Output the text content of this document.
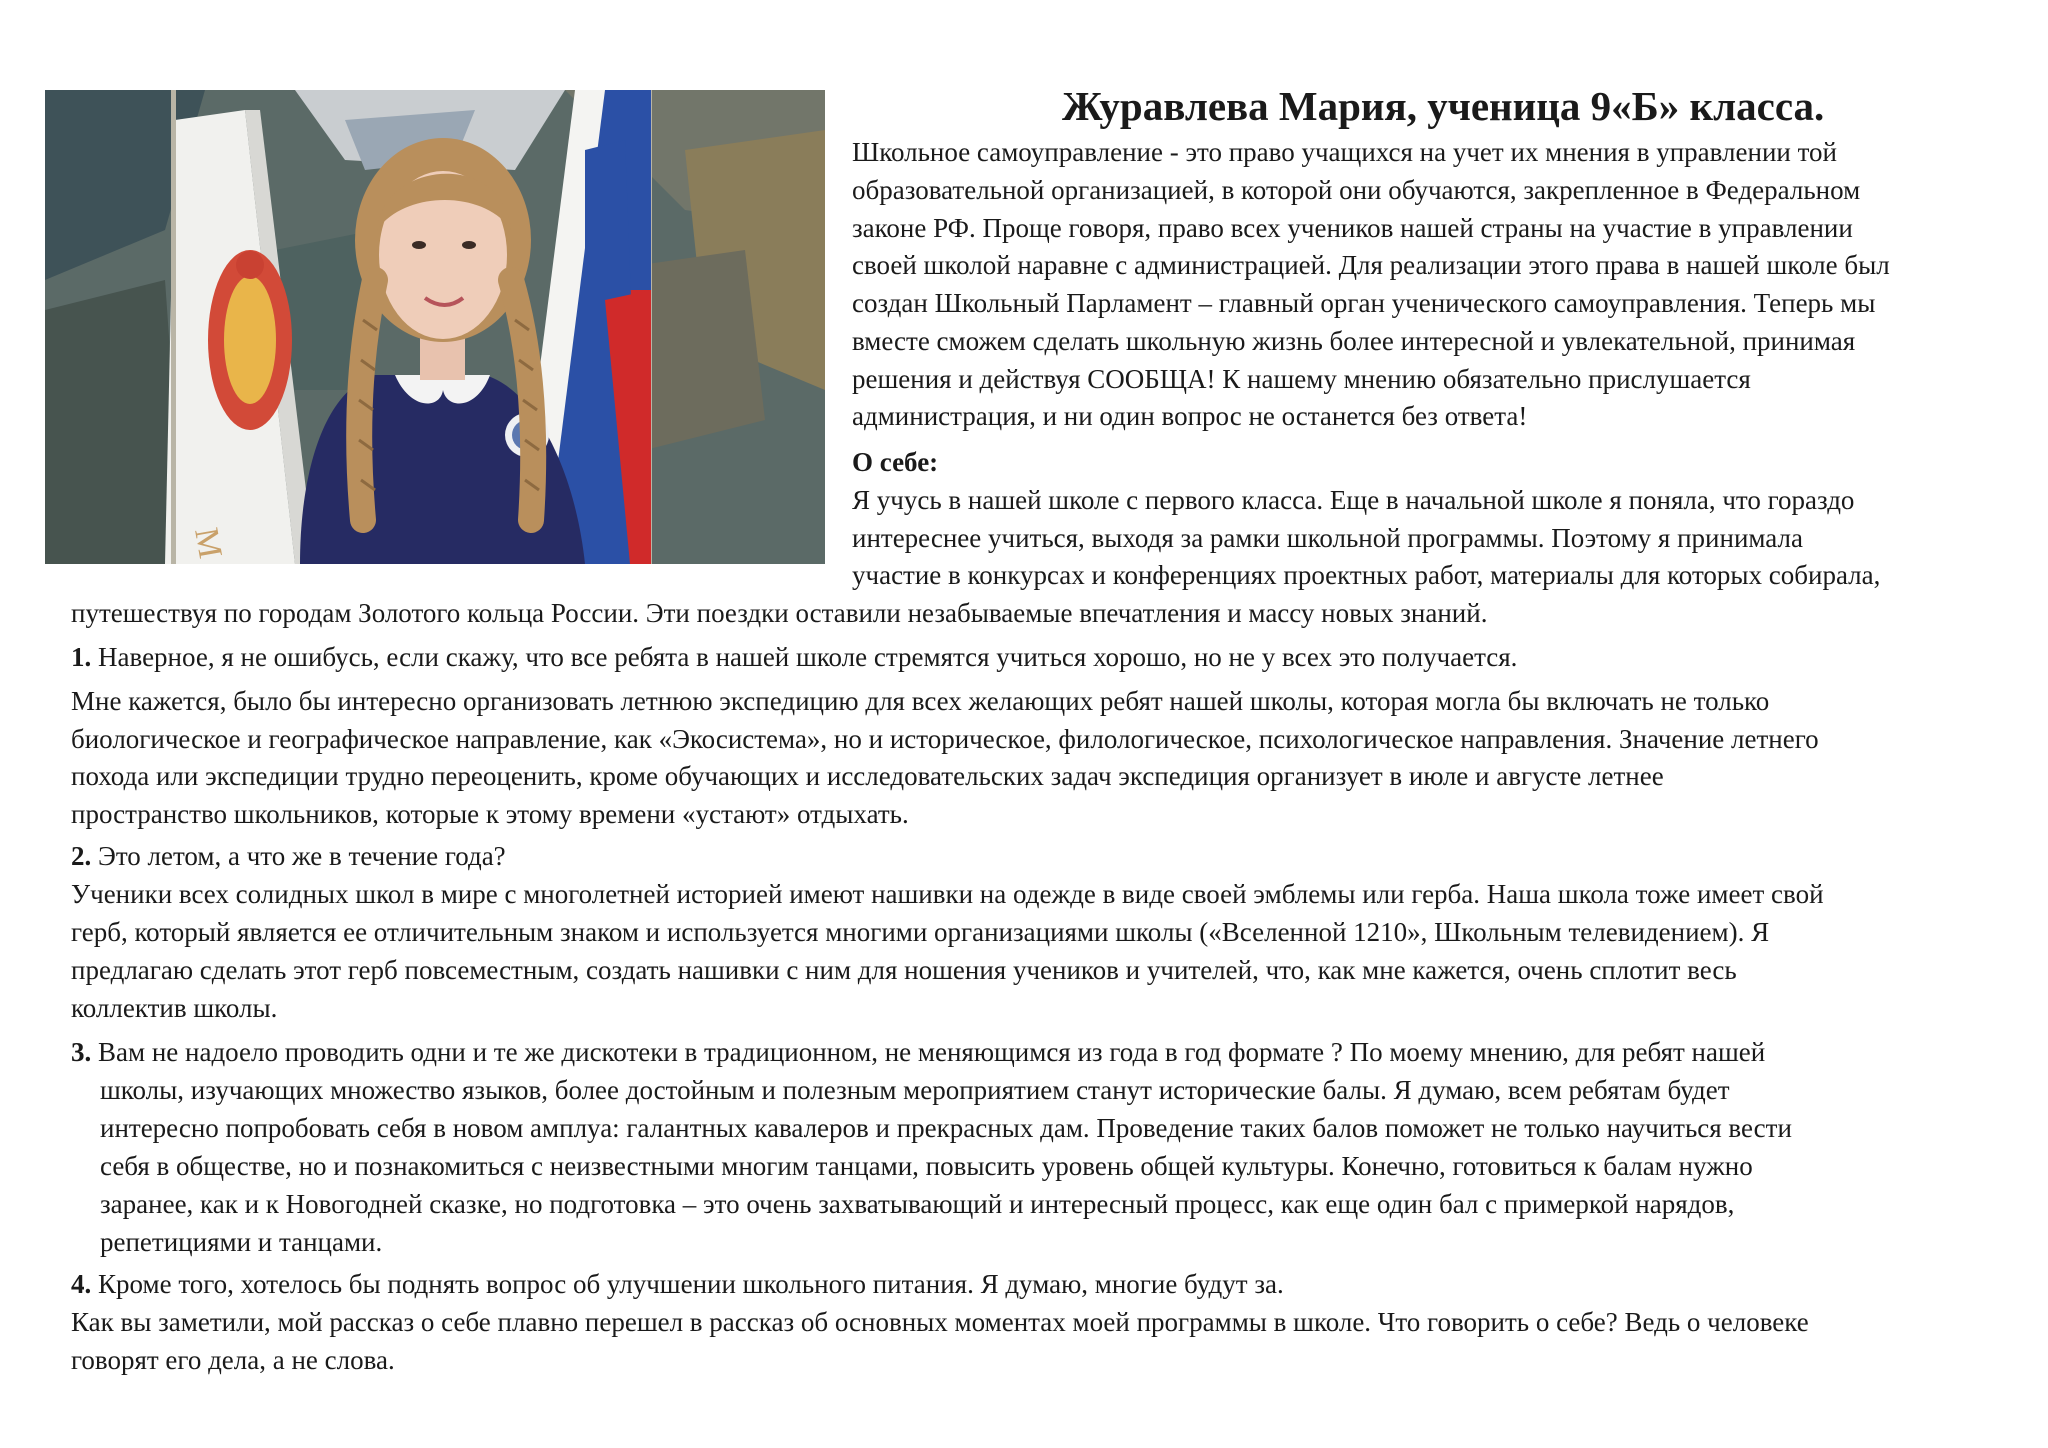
M
Журавлева Мария, ученица 9«Б» класса.
Школьное самоуправление - это право учащихся на учет их мнения в управлении той
образовательной организацией, в которой они обучаются, закрепленное в Федеральном
законе РФ. Проще говоря, право всех учеников нашей страны на участие в управлении
своей школой наравне с администрацией. Для реализации этого права в нашей школе был
создан Школьный Парламент – главный орган ученического самоуправления. Теперь мы
вместе сможем сделать школьную жизнь более интересной и увлекательной, принимая
решения и действуя СООБЩА! К нашему мнению обязательно прислушается
администрация, и ни один вопрос не останется без ответа!
О себе:
Я учусь в нашей школе с первого класса. Еще в начальной школе я поняла, что гораздо
интереснее учиться, выходя за рамки школьной программы. Поэтому я принимала
участие в конкурсах и конференциях проектных работ, материалы для которых собирала,
путешествуя по городам Золотого кольца России. Эти поездки оставили незабываемые впечатления и массу новых знаний.
1. Наверное, я не ошибусь, если скажу, что все ребята в нашей школе стремятся учиться хорошо, но не у всех это получается.
Мне кажется, было бы интересно организовать летнюю экспедицию для всех желающих ребят нашей школы, которая могла бы включать не только
биологическое и географическое направление, как «Экосистема», но и историческое, филологическое, психологическое направления. Значение летнего
похода или экспедиции трудно переоценить, кроме обучающих и исследовательских задач экспедиция организует в июле и августе летнее
пространство школьников, которые к этому времени «устают» отдыхать.
2. Это летом, а что же в течение года?
Ученики всех солидных школ в мире с многолетней историей имеют нашивки на одежде в виде своей эмблемы или герба. Наша школа тоже имеет свой
герб, который является ее отличительным знаком и используется многими организациями школы («Вселенной 1210», Школьным телевидением). Я
предлагаю сделать этот герб повсеместным, создать нашивки с ним для ношения учеников и учителей, что, как мне кажется, очень сплотит весь
коллектив школы.
3. Вам не надоело проводить одни и те же дискотеки в традиционном, не меняющимся из года в год формате ? По моему мнению, для ребят нашей
школы, изучающих множество языков, более достойным и полезным мероприятием станут исторические балы. Я думаю, всем ребятам будет
интересно попробовать себя в новом амплуа: галантных кавалеров и прекрасных дам. Проведение таких балов поможет не только научиться вести
себя в обществе, но и познакомиться с неизвестными многим танцами, повысить уровень общей культуры. Конечно, готовиться к балам нужно
заранее, как и к Новогодней сказке, но подготовка – это очень захватывающий и интересный процесс, как еще один бал с примеркой нарядов,
репетициями и танцами.
4. Кроме того, хотелось бы поднять вопрос об улучшении школьного питания. Я думаю, многие будут за.
Как вы заметили, мой рассказ о себе плавно перешел в рассказ об основных моментах моей программы в школе. Что говорить о себе? Ведь о человеке
говорят его дела, а не слова.
